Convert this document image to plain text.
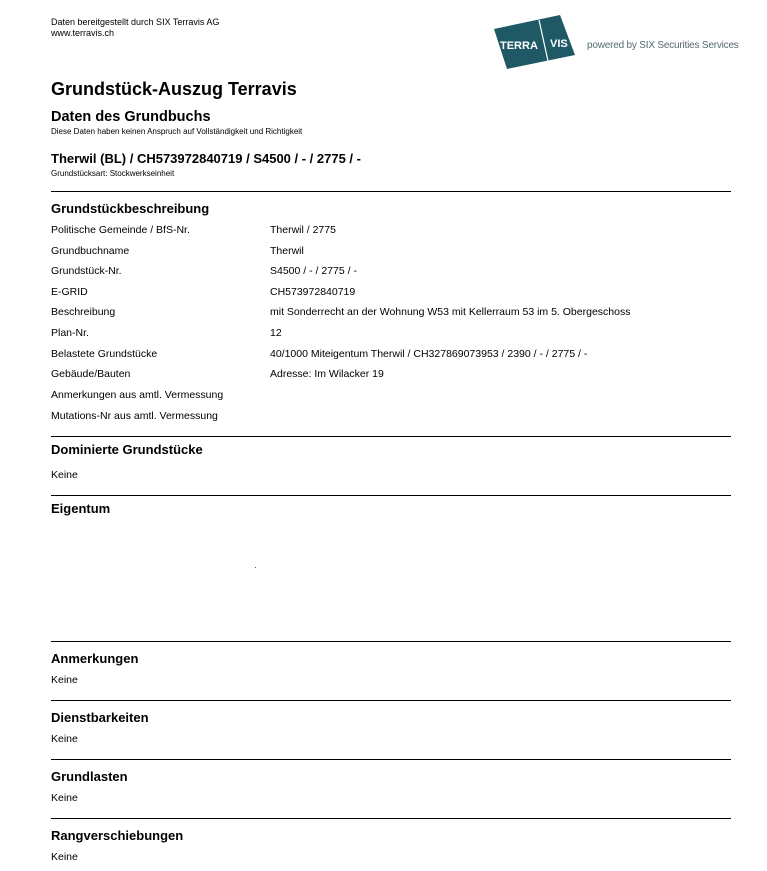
Daten bereitgestellt durch SIX Terravis AG
www.terravis.ch
TERRA VIS powered by SIX Securities Services
Grundstück-Auszug Terravis
Daten des Grundbuchs
Diese Daten haben keinen Anspruch auf Vollständigkeit und Richtigkeit
Therwil (BL) / CH573972840719 / S4500 / - / 2775 / -
Grundstücksart: Stockwerkseinheit
Grundstückbeschreibung
Politische Gemeinde / BfS-Nr.	Therwil / 2775
Grundbuchname	Therwil
Grundstück-Nr.	S4500 / - / 2775 / -
E-GRID	CH573972840719
Beschreibung	mit Sonderrecht an der Wohnung W53 mit Kellerraum 53 im 5. Obergeschoss
Plan-Nr.	12
Belastete Grundstücke	40/1000 Miteigentum Therwil / CH327869073953 / 2390 / - / 2775 / -
Gebäude/Bauten	Adresse: Im Wilacker 19
Anmerkungen aus amtl. Vermessung
Mutations-Nr aus amtl. Vermessung
Dominierte Grundstücke
Keine
Eigentum
Anmerkungen
Keine
Dienstbarkeiten
Keine
Grundlasten
Keine
Rangverschiebungen
Keine
